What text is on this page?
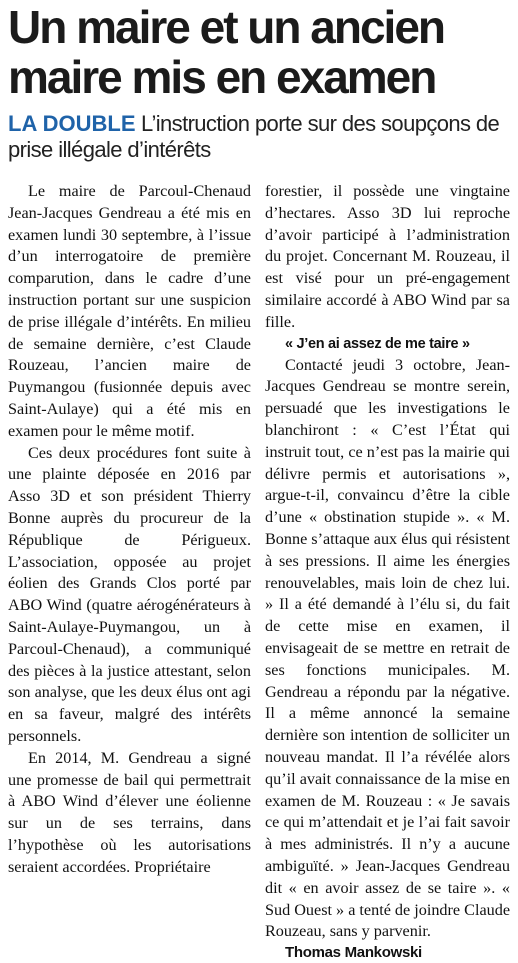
Un maire et un ancien maire mis en examen
LA DOUBLE L’instruction porte sur des soupçons de prise illégale d’intérêts

Le maire de Parcoul-Chenaud Jean-Jacques Gendreau a été mis en examen lundi 30 septembre, à l’issue d’un interrogatoire de première comparution, dans le cadre d’une instruction portant sur une suspicion de prise illégale d’intérêts. En milieu de semaine dernière, c’est Claude Rouzeau, l’ancien maire de Puymangou (fusionnée depuis avec Saint-Aulaye) qui a été mis en examen pour le même motif.

Ces deux procédures font suite à une plainte déposée en 2016 par Asso 3D et son président Thierry Bonne auprès du procureur de la République de Périgueux. L’association, opposée au projet éolien des Grands Clos porté par ABO Wind (quatre aérogénérateurs à Saint-Aulaye-Puymangou, un à Parcoul-Chenaud), a communiqué des pièces à la justice attestant, selon son analyse, que les deux élus ont agi en sa faveur, malgré des intérêts personnels.

En 2014, M. Gendreau a signé une promesse de bail qui permettrait à ABO Wind d’élever une éolienne sur un de ses terrains, dans l’hypothèse où les autorisations seraient accordées. Propriétaire

forestier, il possède une vingtaine d’hectares. Asso 3D lui reproche d’avoir participé à l’administration du projet. Concernant M. Rouzeau, il est visé pour un pré-engagement similaire accordé à ABO Wind par sa fille.

« J’en ai assez de me taire »

Contacté jeudi 3 octobre, Jean-Jacques Gendreau se montre serein, persuadé que les investigations le blanchiront : « C’est l’État qui instruit tout, ce n’est pas la mairie qui délivre permis et autorisations », argue-t-il, convaincu d’être la cible d’une « obstination stupide ». « M. Bonne s’attaque aux élus qui résistent à ses pressions. Il aime les énergies renouvelables, mais loin de chez lui. » Il a été demandé à l’élu si, du fait de cette mise en examen, il envisageait de se mettre en retrait de ses fonctions municipales. M. Gendreau a répondu par la négative. Il a même annoncé la semaine dernière son intention de solliciter un nouveau mandat. Il l’a révélée alors qu’il avait connaissance de la mise en examen de M. Rouzeau : « Je savais ce qui m’attendait et je l’ai fait savoir à mes administrés. Il n’y a aucune ambiguïté. » Jean-Jacques Gendreau dit « en avoir assez de se taire ». « Sud Ouest » a tenté de joindre Claude Rouzeau, sans y parvenir.

Thomas Mankowski
